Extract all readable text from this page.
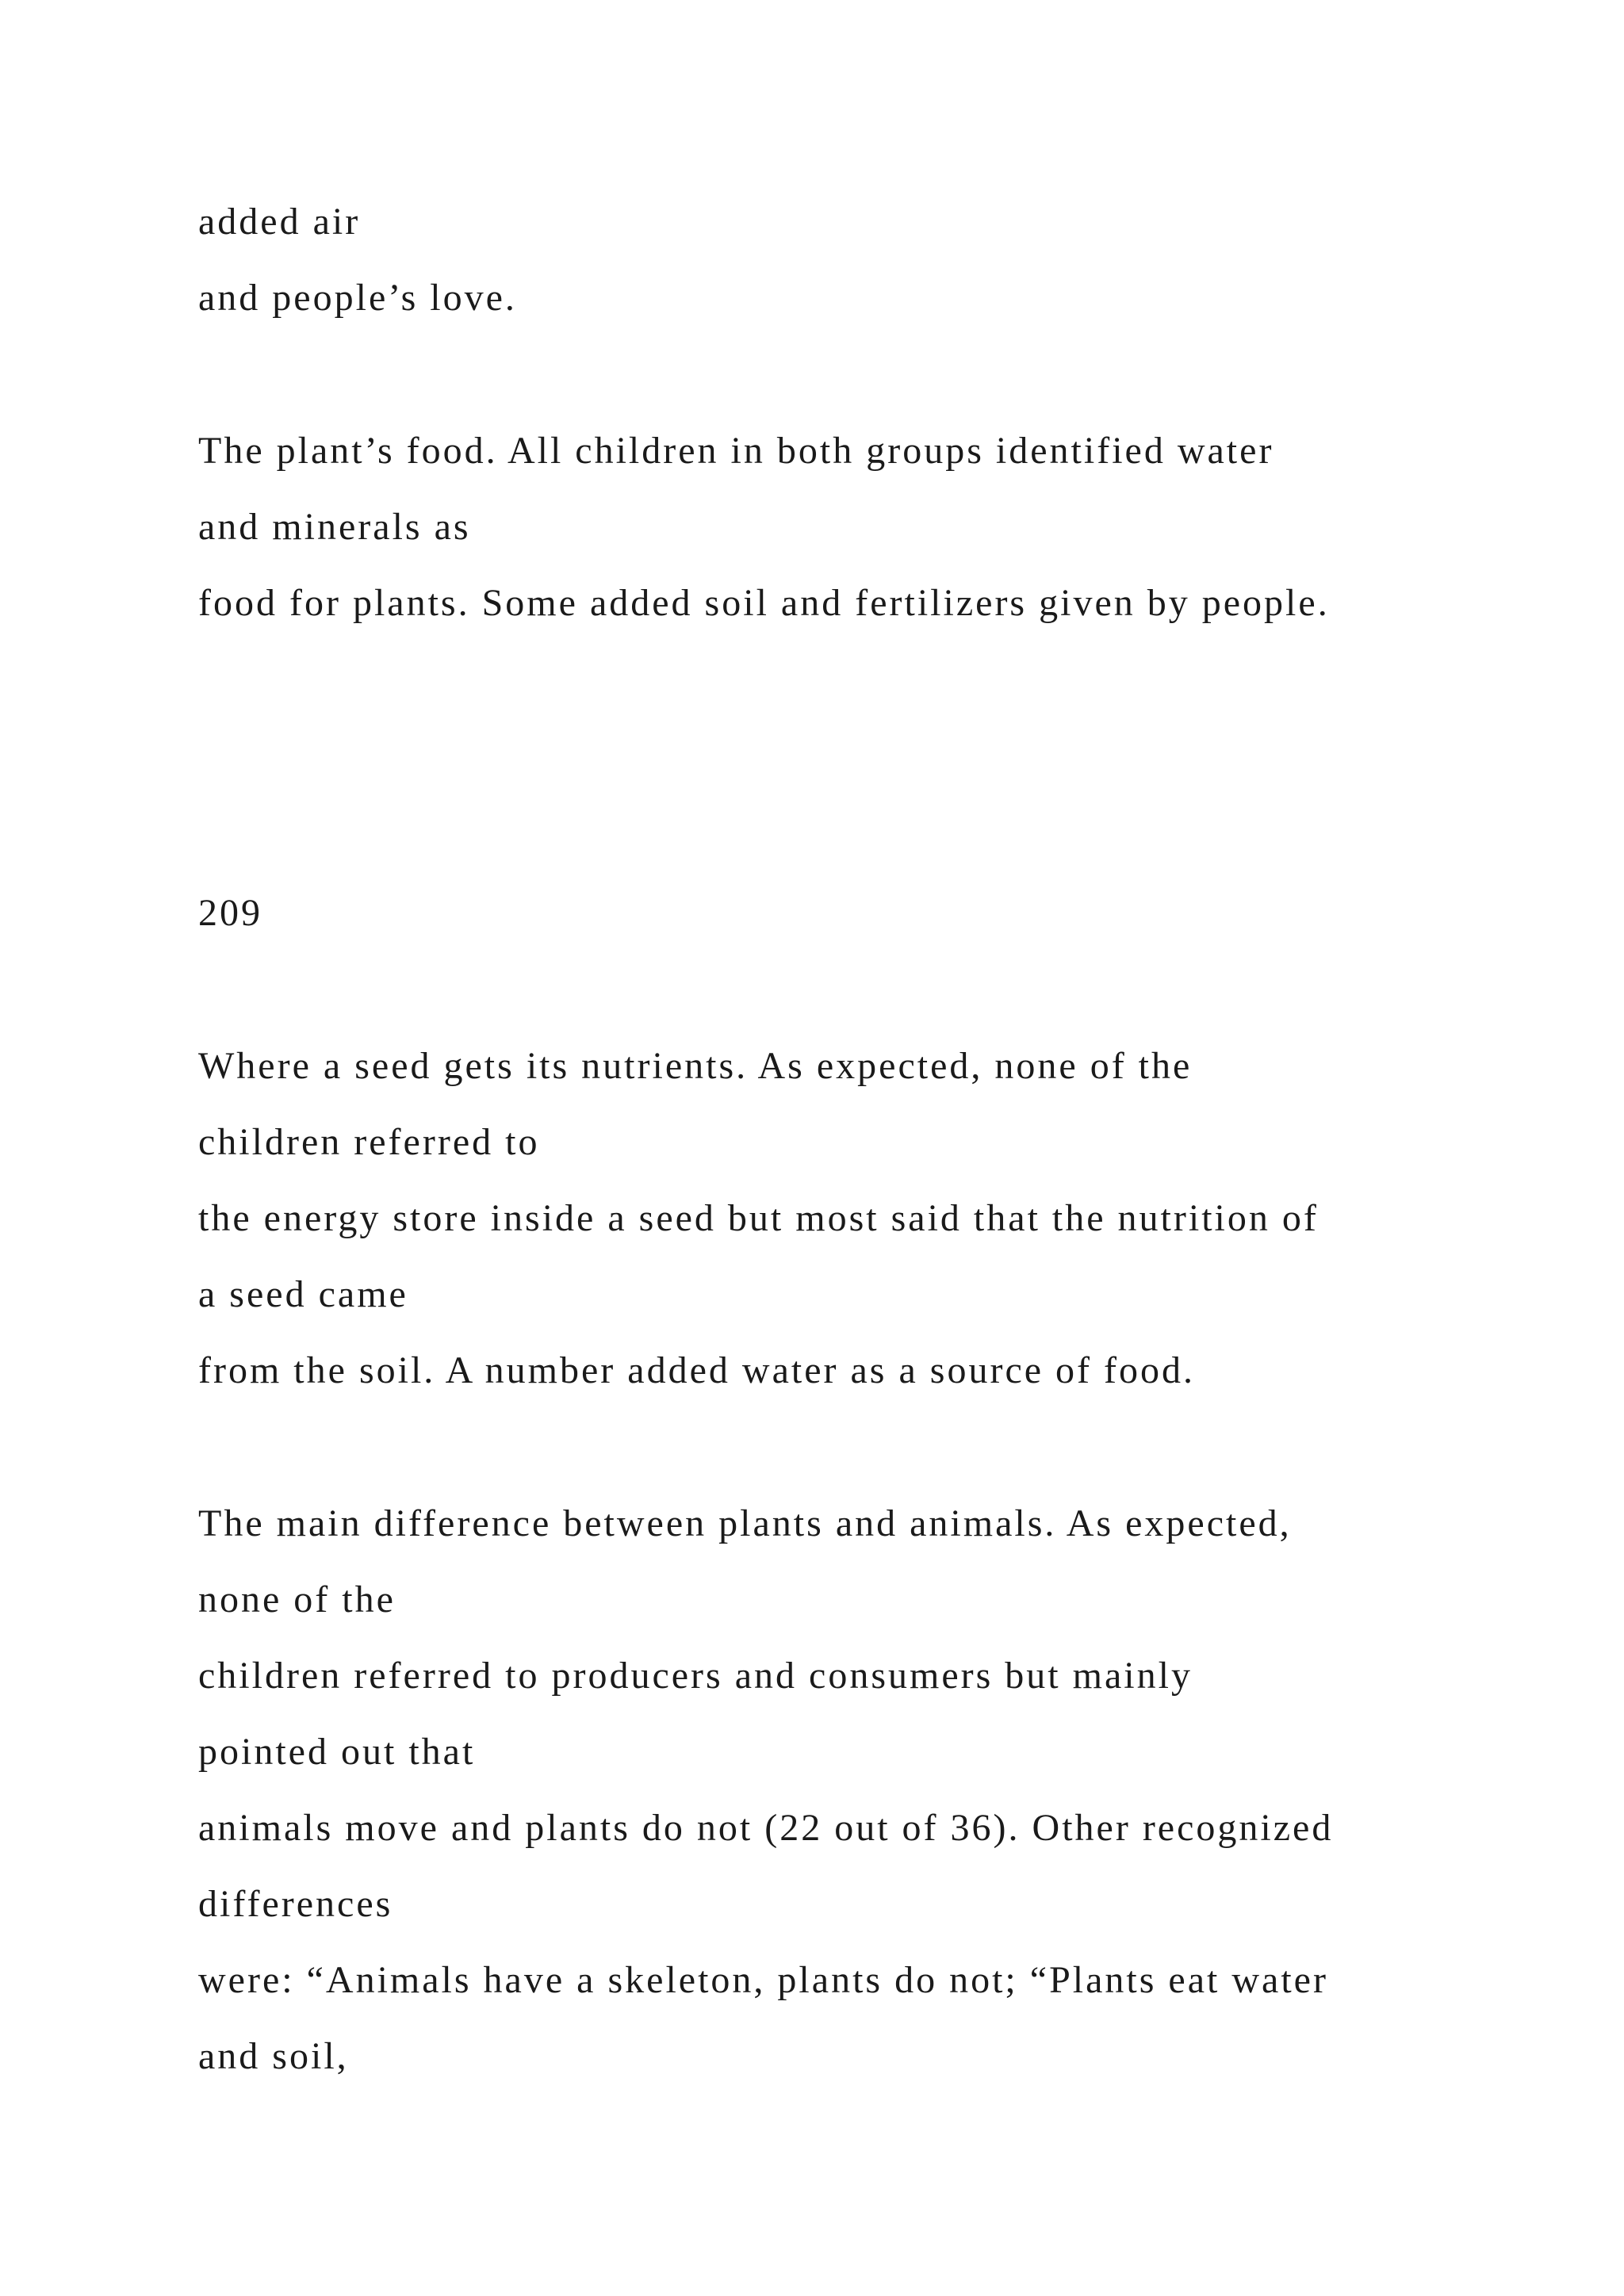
added air
and people’s love.
The plant’s food. All children in both groups identified water
and minerals as
food for plants. Some added soil and fertilizers given by people.
209
Where a seed gets its nutrients. As expected, none of the
children referred to
the energy store inside a seed but most said that the nutrition of
a seed came
from the soil. A number added water as a source of food.
The main difference between plants and animals. As expected,
none of the
children referred to producers and consumers but mainly
pointed out that
animals move and plants do not (22 out of 36). Other recognized
differences
were: “Animals have a skeleton, plants do not; “Plants eat water
and soil,
